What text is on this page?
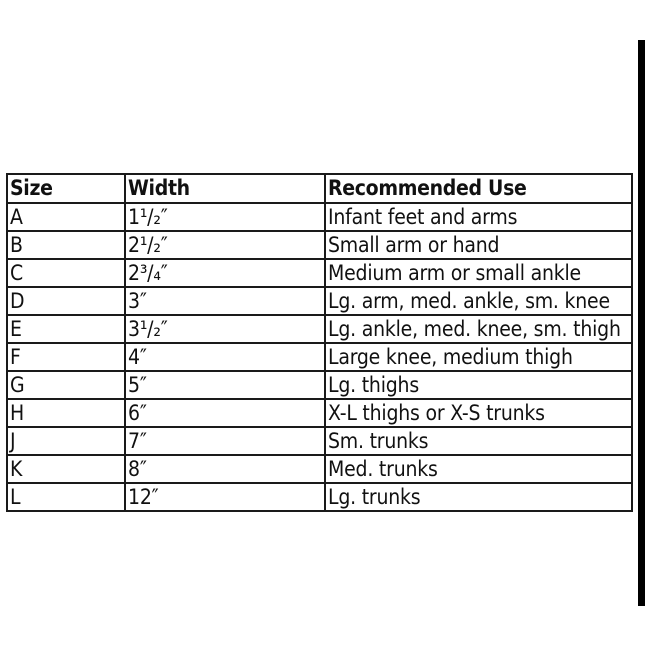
Size	Width	Recommended Use
A	1¹/₂″	Infant feet and arms
B	2¹/₂″	Small arm or hand
C	2³/₄″	Medium arm or small ankle
D	3″	Lg. arm, med. ankle, sm. knee
E	3¹/₂″	Lg. ankle, med. knee, sm. thigh
F	4″	Large knee, medium thigh
G	5″	Lg. thighs
H	6″	X-L thighs or X-S trunks
J	7″	Sm. trunks
K	8″	Med. trunks
L	12″	Lg. trunks
